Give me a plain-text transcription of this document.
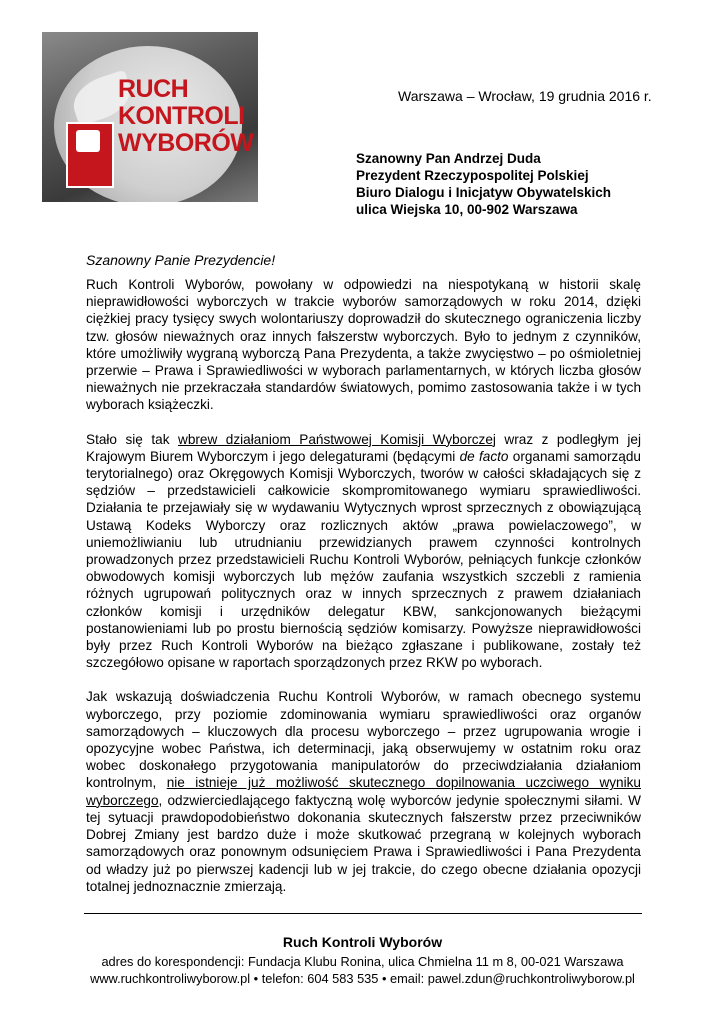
RUCH
KONTROLI
WYBORÓW
Warszawa – Wrocław, 19 grudnia 2016 r.
Szanowny Pan Andrzej Duda
Prezydent Rzeczypospolitej Polskiej
Biuro Dialogu i Inicjatyw Obywatelskich
ulica Wiejska 10, 00-902 Warszawa
Szanowny Panie Prezydencie!

Ruch Kontroli Wyborów, powołany w odpowiedzi na niespotykaną w historii skalę nieprawidłowości wyborczych w trakcie wyborów samorządowych w roku 2014, dzięki ciężkiej pracy tysięcy swych wolontariuszy doprowadził do skutecznego ograniczenia liczby tzw. głosów nieważnych oraz innych fałszerstw wyborczych. Było to jednym z czynników, które umożliwiły wygraną wyborczą Pana Prezydenta, a także zwycięstwo – po ośmioletniej przerwie – Prawa i Sprawiedliwości w wyborach parlamentarnych, w których liczba głosów nieważnych nie przekraczała standardów światowych, pomimo zastosowania także i w tych wyborach książeczki.

Stało się tak wbrew działaniom Państwowej Komisji Wyborczej wraz z podległym jej Krajowym Biurem Wyborczym i jego delegaturami (będącymi de facto organami samorządu terytorialnego) oraz Okręgowych Komisji Wyborczych, tworów w całości składających się z sędziów – przedstawicieli całkowicie skompromitowanego wymiaru sprawiedliwości. Działania te przejawiały się w wydawaniu Wytycznych wprost sprzecznych z obowiązującą Ustawą Kodeks Wyborczy oraz rozlicznych aktów „prawa powielaczowego”, w uniemożliwianiu lub utrudnianiu przewidzianych prawem czynności kontrolnych prowadzonych przez przedstawicieli Ruchu Kontroli Wyborów, pełniących funkcje członków obwodowych komisji wyborczych lub mężów zaufania wszystkich szczebli z ramienia różnych ugrupowań politycznych oraz w innych sprzecznych z prawem działaniach członków komisji i urzędników delegatur KBW, sankcjonowanych bieżącymi postanowieniami lub po prostu biernością sędziów komisarzy. Powyższe nieprawidłowości były przez Ruch Kontroli Wyborów na bieżąco zgłaszane i publikowane, zostały też szczegółowo opisane w raportach sporządzonych przez RKW po wyborach.

Jak wskazują doświadczenia Ruchu Kontroli Wyborów, w ramach obecnego systemu wyborczego, przy poziomie zdominowania wymiaru sprawiedliwości oraz organów samorządowych – kluczowych dla procesu wyborczego – przez ugrupowania wrogie i opozycyjne wobec Państwa, ich determinacji, jaką obserwujemy w ostatnim roku oraz wobec doskonałego przygotowania manipulatorów do przeciwdziałania działaniom kontrolnym, nie istnieje już możliwość skutecznego dopilnowania uczciwego wyniku wyborczego, odzwierciedlającego faktyczną wolę wyborców jedynie społecznymi siłami. W tej sytuacji prawdopodobieństwo dokonania skutecznych fałszerstw przez przeciwników Dobrej Zmiany jest bardzo duże i może skutkować przegraną w kolejnych wyborach samorządowych oraz ponownym odsunięciem Prawa i Sprawiedliwości i Pana Prezydenta od władzy już po pierwszej kadencji lub w jej trakcie, do czego obecne działania opozycji totalnej jednoznacznie zmierzają.

Ruch Kontroli Wyborów
adres do korespondencji: Fundacja Klubu Ronina, ulica Chmielna 11 m 8, 00-021 Warszawa
www.ruchkontroliwyborow.pl • telefon: 604 583 535 • email: pawel.zdun@ruchkontroliwyborow.pl
